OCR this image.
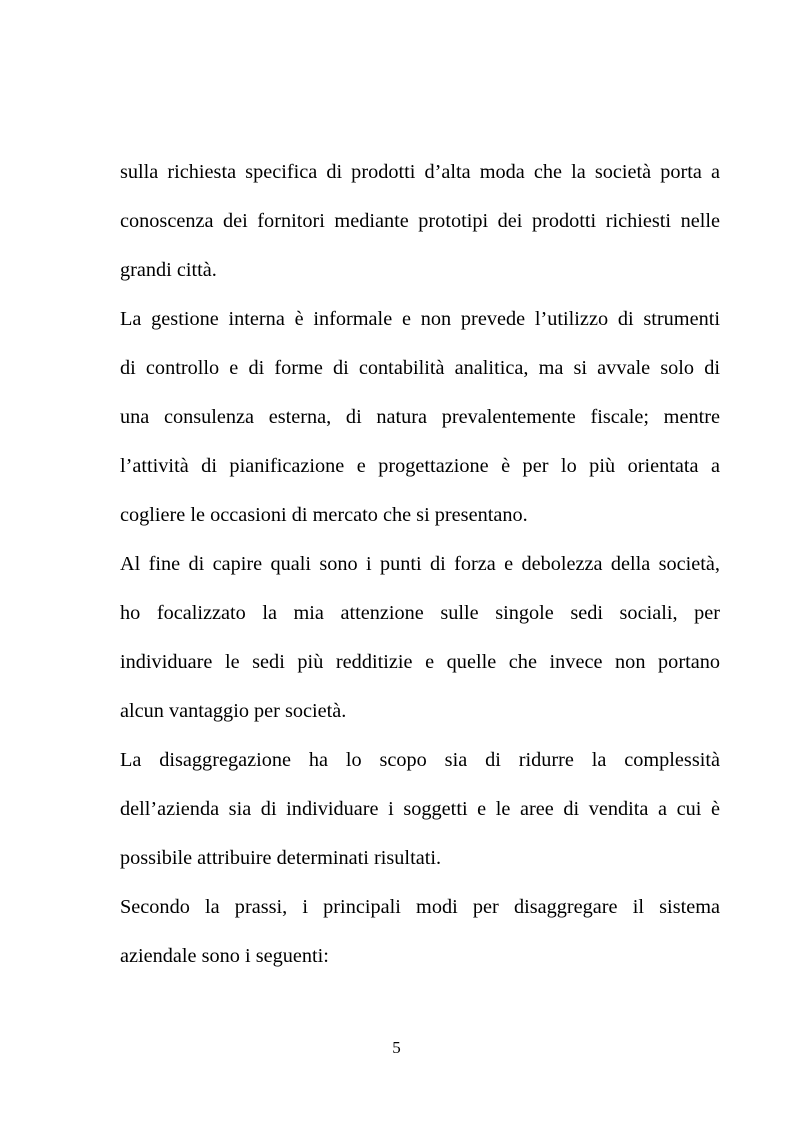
sulla richiesta specifica di prodotti d’alta moda che la società porta a
conoscenza dei fornitori mediante prototipi dei prodotti richiesti nelle
grandi città.
La gestione interna è informale e non prevede l’utilizzo di strumenti
di controllo e di forme di contabilità analitica, ma si avvale solo di
una consulenza esterna, di natura prevalentemente fiscale; mentre
l’attività di pianificazione e progettazione è per lo più orientata a
cogliere le occasioni di mercato che si presentano.
Al fine di capire quali sono i punti di forza e debolezza della società,
ho focalizzato la mia attenzione sulle singole sedi sociali, per
individuare le sedi più redditizie e quelle che invece non portano
alcun vantaggio per società.
La disaggregazione ha lo scopo sia di ridurre la complessità
dell’azienda sia di individuare i soggetti e le aree di vendita a cui è
possibile attribuire determinati risultati.
Secondo la prassi, i principali modi per disaggregare il sistema
aziendale sono i seguenti:
5
